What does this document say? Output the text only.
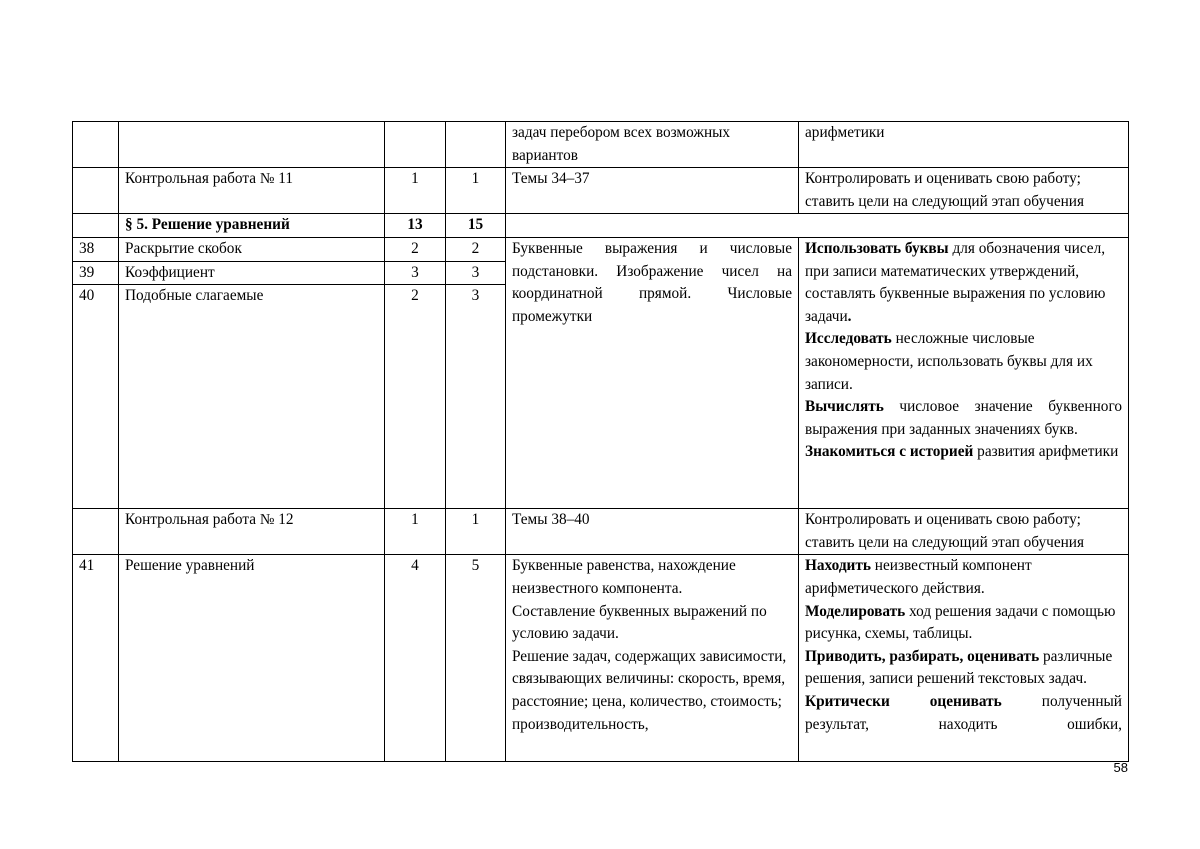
				задач перебором всех возможных вариантов	арифметики
	Контрольная работа № 11	1	1	Темы 34–37	Контролировать и оценивать свою работу; ставить цели на следующий этап обучения
	§ 5. Решение уравнений	13	15	
38	Раскрытие скобок	2	2	Буквенные выражения и числовые подстановки. Изображение чисел на координатной прямой. Числовые промежутки	Использовать буквы для обозначения чисел, при записи математических утверждений, составлять буквенные выражения по условию задачи.
Исследовать несложные числовые закономерности, использовать буквы для их записи.

Вычислять числовое значение буквенного выражения при заданных значениях букв.
Знакомиться с историей развития арифметики

39	Коэффициент	3	3
40	Подобные слагаемые	2	3
	Контрольная работа № 12	1	1	Темы 38–40	Контролировать и оценивать свою работу; ставить цели на следующий этап обучения
41	Решение уравнений	4	5	Буквенные равенства, нахождение неизвестного компонента.
Составление буквенных выражений по условию задачи.
Решение задач, содержащих зависимости, связывающих величины: скорость, время, расстояние; цена, количество, стоимость; производительность,

Находить неизвестный компонент арифметического действия.
Моделировать ход решения задачи с помощью рисунка, схемы, таблицы.
Приводить, разбирать, оценивать различные решения, записи решений текстовых задач.
Критически оценивать полученный
результат, находить ошибки,
58
